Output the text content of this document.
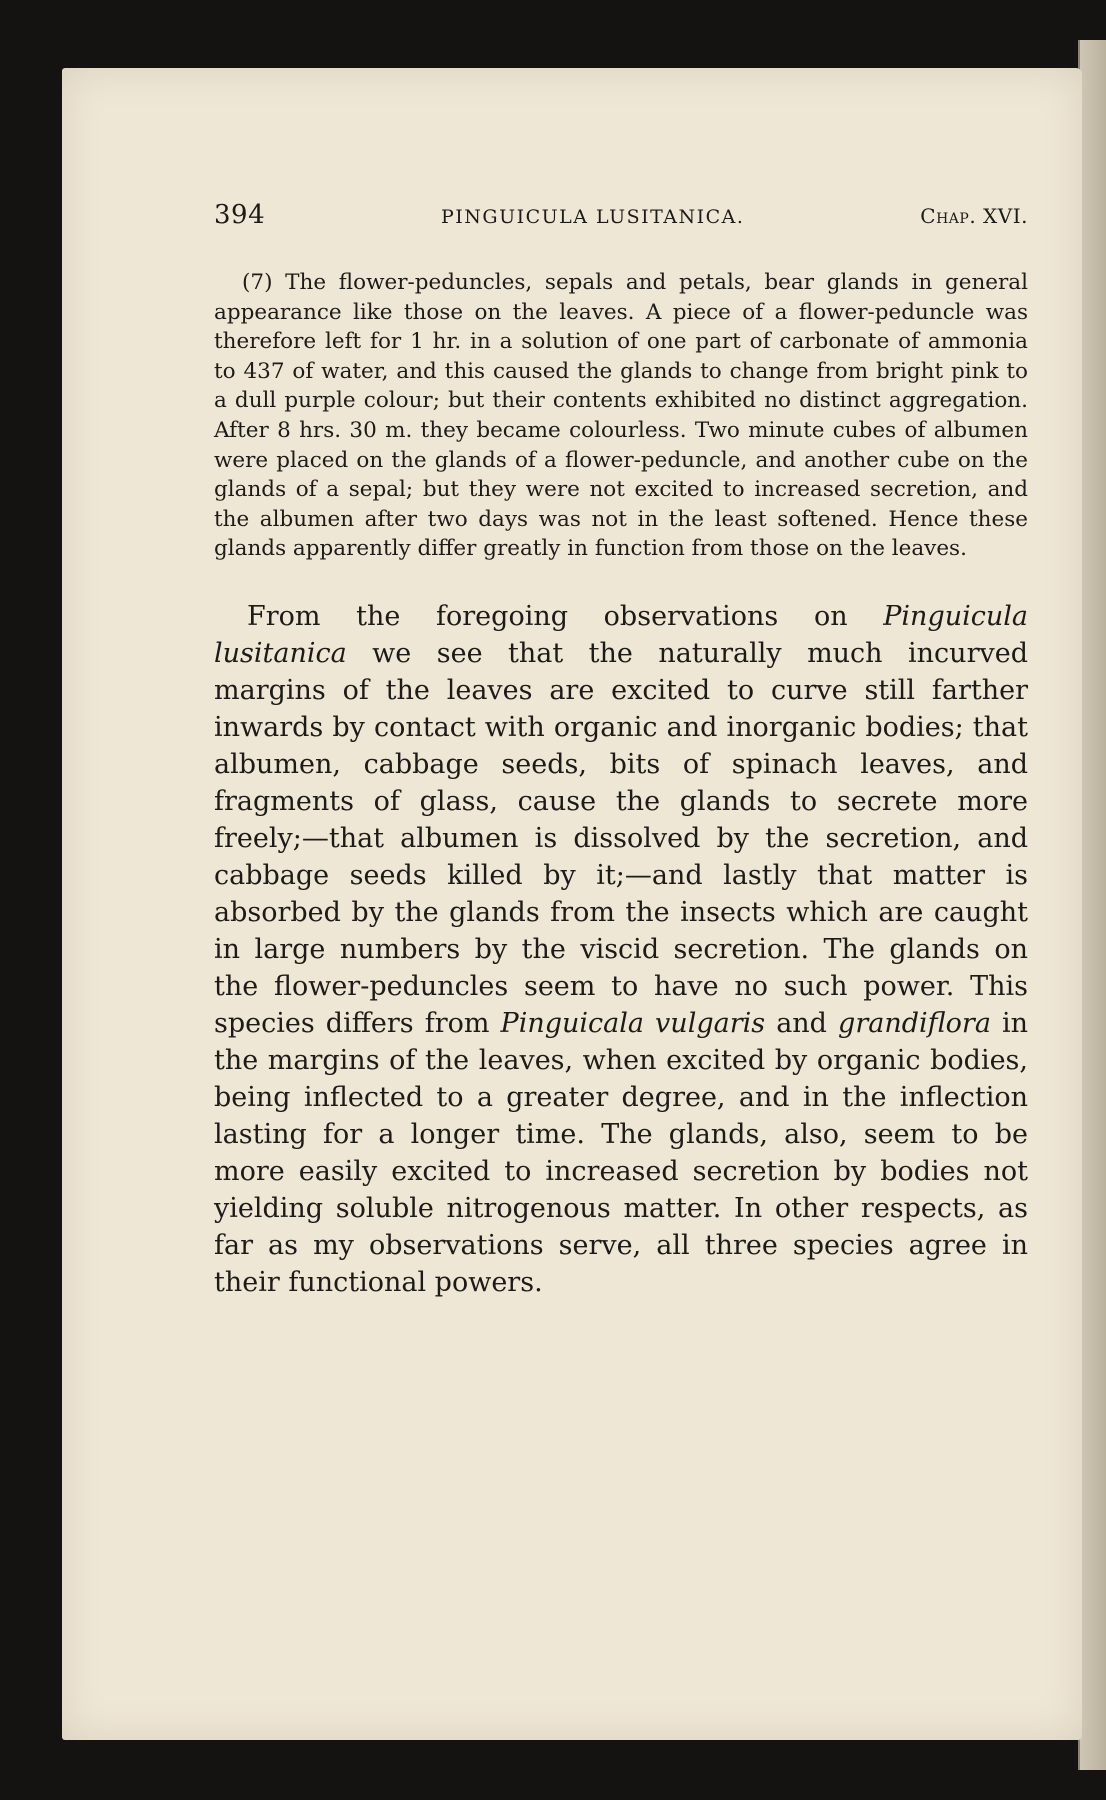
394	PINGUICULA LUSITANICA.	Chap. XVI.

(7) The flower-peduncles, sepals and petals, bear glands in general appearance like those on the leaves. A piece of a flower-peduncle was therefore left for 1 hr. in a solution of one part of carbonate of ammonia to 437 of water, and this caused the glands to change from bright pink to a dull purple colour; but their contents exhibited no distinct aggregation. After 8 hrs. 30 m. they became colourless. Two minute cubes of albumen were placed on the glands of a flower-peduncle, and another cube on the glands of a sepal; but they were not excited to increased secretion, and the albumen after two days was not in the least softened. Hence these glands apparently differ greatly in function from those on the leaves.

From the foregoing observations on Pinguicula lusitanica we see that the naturally much incurved margins of the leaves are excited to curve still farther inwards by contact with organic and inorganic bodies; that albumen, cabbage seeds, bits of spinach leaves, and fragments of glass, cause the glands to secrete more freely;—that albumen is dissolved by the secretion, and cabbage seeds killed by it;—and lastly that matter is absorbed by the glands from the insects which are caught in large numbers by the viscid secretion. The glands on the flower-peduncles seem to have no such power. This species differs from Pinguicala vulgaris and grandiflora in the margins of the leaves, when excited by organic bodies, being inflected to a greater degree, and in the inflection lasting for a longer time. The glands, also, seem to be more easily excited to increased secretion by bodies not yielding soluble nitrogenous matter. In other respects, as far as my observations serve, all three species agree in their functional powers.
